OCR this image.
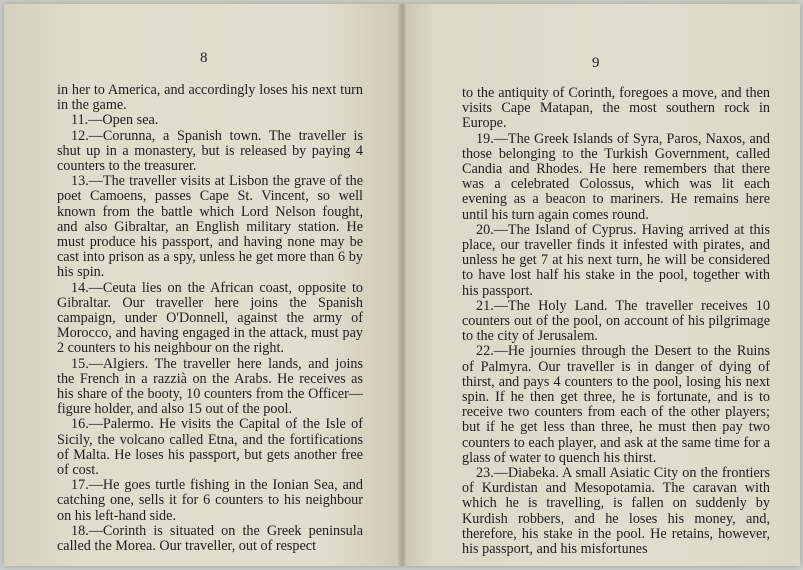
8

in her to America, and accordingly loses his next turn in the game.

11.—Open sea.

12.—Corunna, a Spanish town. The traveller is shut up in a monastery, but is released by paying 4 counters to the treasurer.

13.—The traveller visits at Lisbon the grave of the poet Camoens, passes Cape St. Vincent, so well known from the battle which Lord Nelson fought, and also Gibraltar, an English military station. He must produce his passport, and having none may be cast into prison as a spy, unless he get more than 6 by his spin.

14.—Ceuta lies on the African coast, opposite to Gibraltar. Our traveller here joins the Spanish campaign, under O'Donnell, against the army of Morocco, and having engaged in the attack, must pay 2 counters to his neighbour on the right.

15.—Algiers. The traveller here lands, and joins the French in a razzià on the Arabs. He receives as his share of the booty, 10 counters from the Officer—figure holder, and also 15 out of the pool.

16.—Palermo. He visits the Capital of the Isle of Sicily, the volcano called Etna, and the fortifications of Malta. He loses his passport, but gets another free of cost.

17.—He goes turtle fishing in the Ionian Sea, and catching one, sells it for 6 counters to his neighbour on his left-hand side.

18.—Corinth is situated on the Greek peninsula called the Morea. Our traveller, out of respect

9

to the antiquity of Corinth, foregoes a move, and then visits Cape Matapan, the most southern rock in Europe.

19.—The Greek Islands of Syra, Paros, Naxos, and those belonging to the Turkish Government, called Candia and Rhodes. He here remembers that there was a celebrated Colossus, which was lit each evening as a beacon to mariners. He remains here until his turn again comes round.

20.—The Island of Cyprus. Having arrived at this place, our traveller finds it infested with pirates, and unless he get 7 at his next turn, he will be considered to have lost half his stake in the pool, together with his passport.

21.—The Holy Land. The traveller receives 10 counters out of the pool, on account of his pilgrimage to the city of Jerusalem.

22.—He journies through the Desert to the Ruins of Palmyra. Our traveller is in danger of dying of thirst, and pays 4 counters to the pool, losing his next spin. If he then get three, he is fortunate, and is to receive two counters from each of the other players; but if he get less than three, he must then pay two counters to each player, and ask at the same time for a glass of water to quench his thirst.

23.—Diabeka. A small Asiatic City on the frontiers of Kurdistan and Mesopotamia. The caravan with which he is travelling, is fallen on suddenly by Kurdish robbers, and he loses his money, and, therefore, his stake in the pool. He retains, however, his passport, and his misfortunes
